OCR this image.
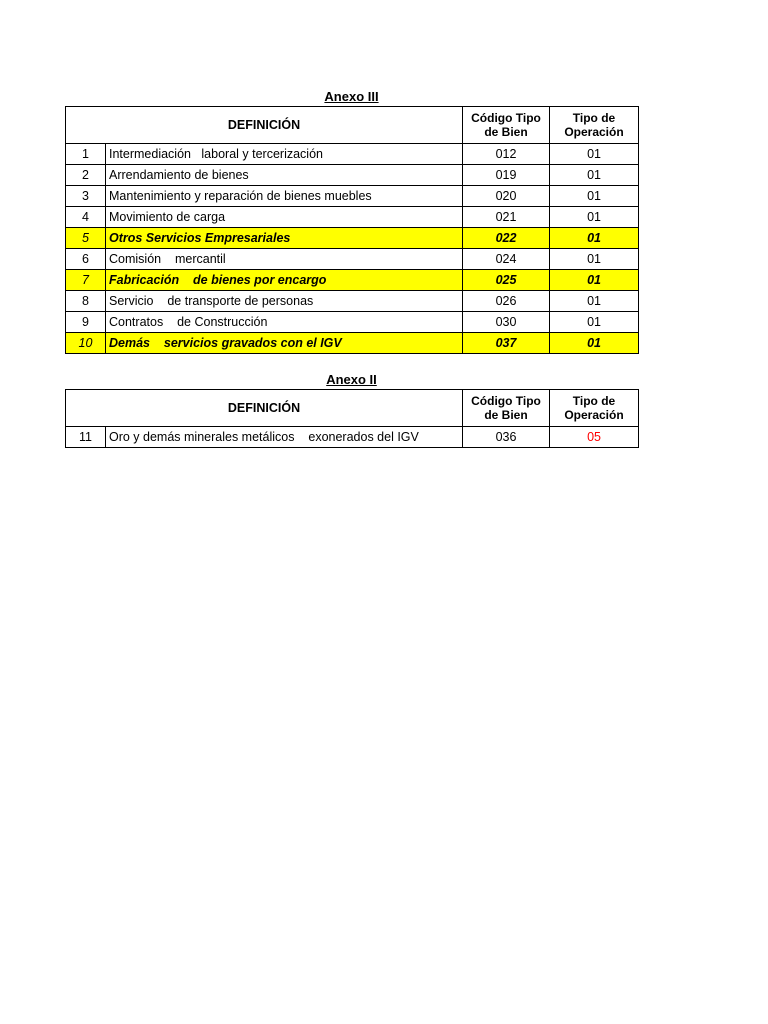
Anexo III
DEFINICIÓN		Código Tipo de Bien	Tipo de Operación
1	Intermediación   laboral y tercerización	012	01
2	Arrendamiento de bienes	019	01
3	Mantenimiento y reparación de bienes muebles	020	01
4	Movimiento de carga	021	01
5	Otros Servicios Empresariales	022	01
6	Comisión    mercantil	024	01
7	Fabricación    de bienes por encargo	025	01
8	Servicio    de transporte de personas	026	01
9	Contratos    de Construcción	030	01
10	Demás    servicios gravados con el IGV	037	01
Anexo II
DEFINICIÓN		Código Tipo de Bien	Tipo de Operación
11	Oro y demás minerales metálicos    exonerados del IGV	036	05
